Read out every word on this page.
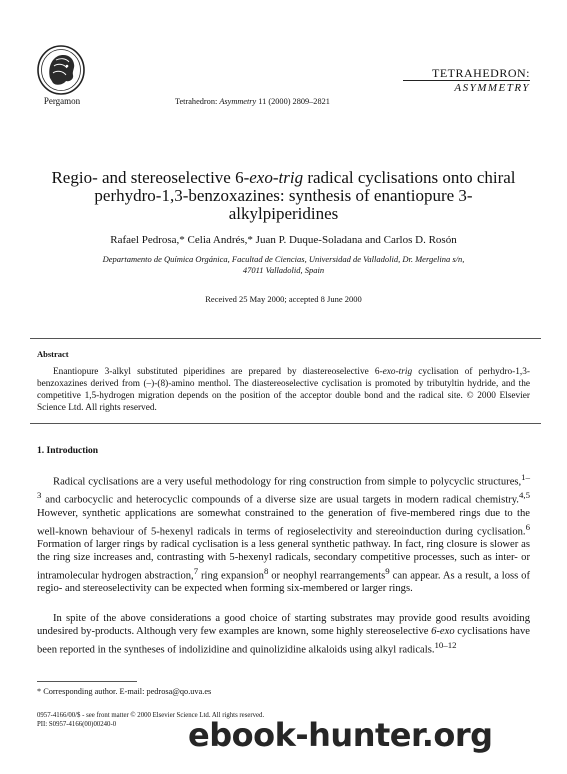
Pergamon	Tetrahedron: Asymmetry 11 (2000) 2809–2821
TETRAHEDRON:
ASYMMETRY
Regio- and stereoselective 6-exo-trig radical cyclisations onto chiral perhydro-1,3-benzoxazines: synthesis of enantiopure 3-alkylpiperidines
Rafael Pedrosa,* Celia Andrés,* Juan P. Duque-Soladana and Carlos D. Rosón
Departamento de Química Orgánica, Facultad de Ciencias, Universidad de Valladolid, Dr. Mergelina s/n,
47011 Valladolid, Spain
Received 25 May 2000; accepted 8 June 2000
Abstract
Enantiopure 3-alkyl substituted piperidines are prepared by diastereoselective 6-exo-trig cyclisation of perhydro-1,3-benzoxazines derived from (–)-(8)-amino menthol. The diastereoselective cyclisation is promoted by tributyltin hydride, and the competitive 1,5-hydrogen migration depends on the position of the acceptor double bond and the radical site. © 2000 Elsevier Science Ltd. All rights reserved.
1. Introduction
Radical cyclisations are a very useful methodology for ring construction from simple to polycyclic structures,$^{1-3}$ and carbocyclic and heterocyclic compounds of a diverse size are usual targets in modern radical chemistry.$^{4,5}$ However, synthetic applications are somewhat constrained to the generation of five-membered rings due to the well-known behaviour of 5-hexenyl radicals in terms of regioselectivity and stereoinduction during cyclisation.$^6$ Formation of larger rings by radical cyclisation is a less general synthetic pathway. In fact, ring closure is slower as the ring size increases and, contrasting with 5-hexenyl radicals, secondary competitive processes, such as inter- or intramolecular hydrogen abstraction,$^7$ ring expansion$^8$ or neophyl rearrangements$^9$ can appear. As a result, a loss of regio- and stereoselectivity can be expected when forming six-membered or larger rings.
In spite of the above considerations a good choice of starting substrates may provide good results avoiding undesired by-products. Although very few examples are known, some highly stereoselective 6-exo cyclisations have been reported in the syntheses of indolizidine and quinolizidine alkaloids using alkyl radicals.$^{10-12}$
* Corresponding author. E-mail: pedrosa@qo.uva.es
0957-4166/00/$ - see front matter © 2000 Elsevier Science Ltd. All rights reserved.
PII: S0957-4166(00)00240-0 ebook-hunter.org
